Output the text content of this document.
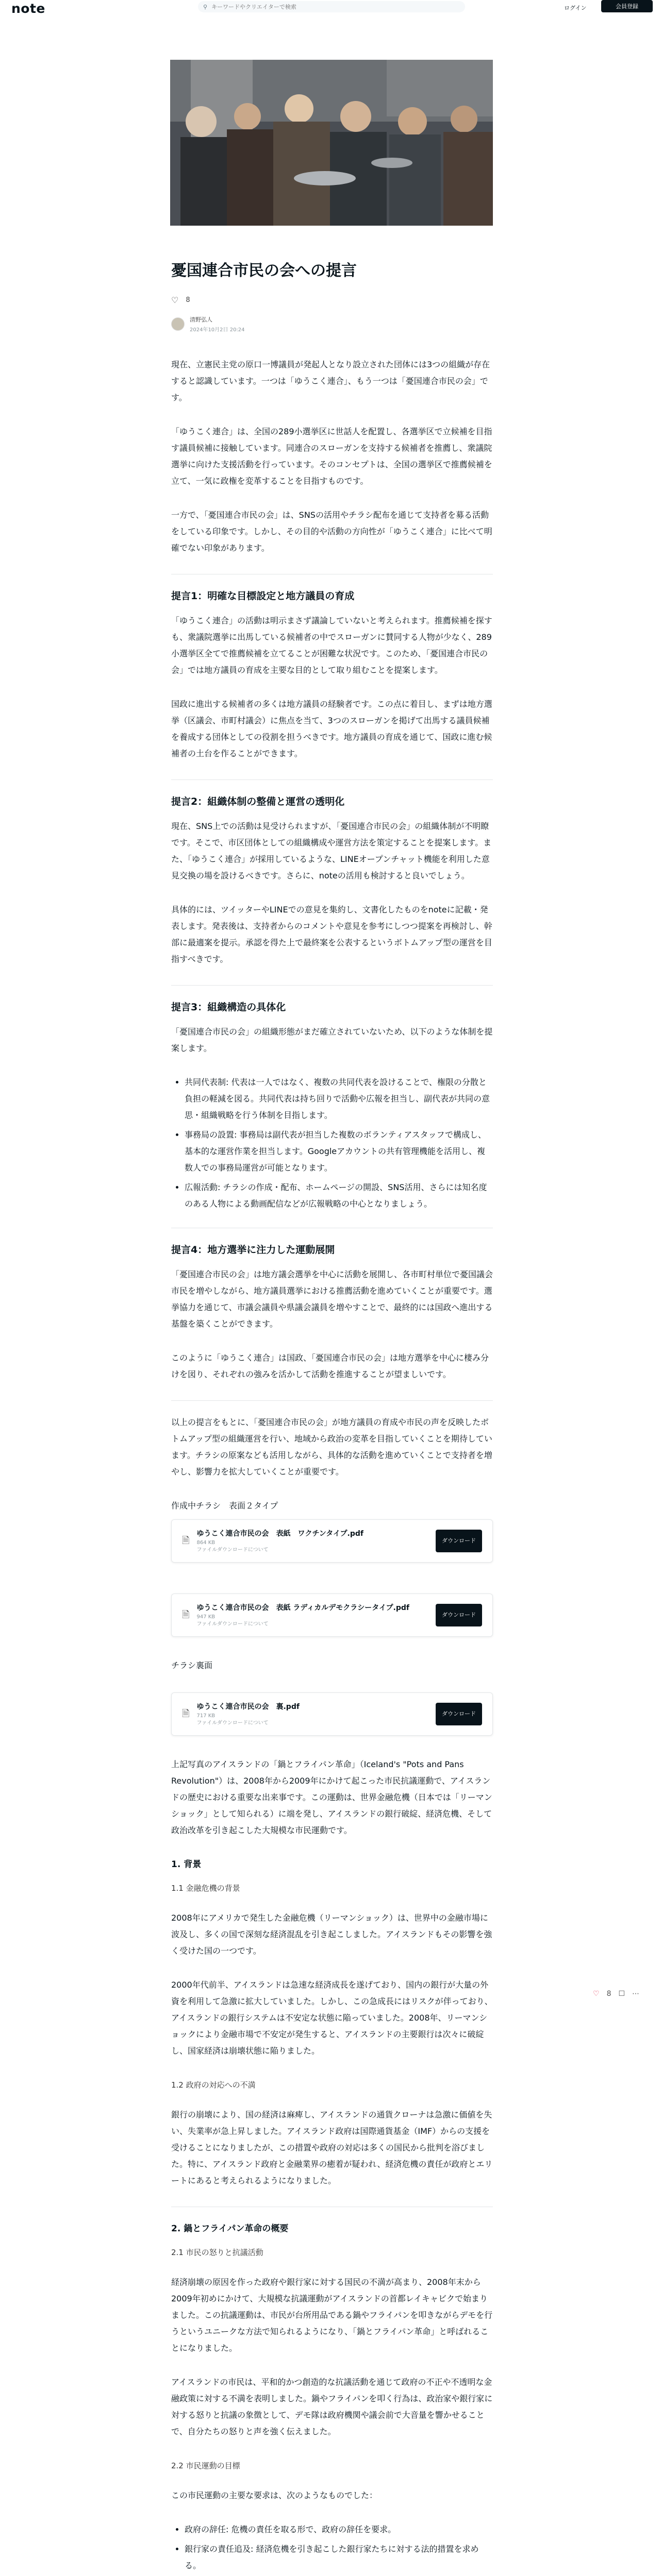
note	⚲
キーワードやクリエイターで検索	ログイン	会員登録
憂国連合市民の会への提言
♡ 8
清野弘人
2024年10月2日 20:24

現在、立憲民主党の原口一博議員が発起人となり設立された団体には3つの組織が存在すると認識しています。一つは「ゆうこく連合」、もう一つは「憂国連合市民の会」です。

「ゆうこく連合」は、全国の289小選挙区に世話人を配置し、各選挙区で立候補を目指す議員候補に接触しています。同連合のスローガンを支持する候補者を推薦し、衆議院選挙に向けた支援活動を行っています。そのコンセプトは、全国の選挙区で推薦候補を立て、一気に政権を変革することを目指すものです。

一方で、「憂国連合市民の会」は、SNSの活用やチラシ配布を通じて支持者を募る活動をしている印象です。しかし、その目的や活動の方向性が「ゆうこく連合」に比べて明確でない印象があります。

提言1：明確な目標設定と地方議員の育成

「ゆうこく連合」の活動は明示まさず議論していないと考えられます。推薦候補を探すも、衆議院選挙に出馬している候補者の中でスローガンに賛同する人物が少なく、289小選挙区全てで推薦候補を立てることが困難な状況です。このため、「憂国連合市民の会」では地方議員の育成を主要な目的として取り組むことを提案します。

国政に進出する候補者の多くは地方議員の経験者です。この点に着目し、まずは地方選挙（区議会、市町村議会）に焦点を当て、3つのスローガンを掲げて出馬する議員候補を養成する団体としての役割を担うべきです。地方議員の育成を通じて、国政に進む候補者の土台を作ることができます。

提言2：組織体制の整備と運営の透明化

現在、SNS上での活動は見受けられますが、「憂国連合市民の会」の組織体制が不明瞭です。そこで、市区団体としての組織構成や運営方法を策定することを提案します。また、「ゆうこく連合」が採用しているような、LINEオープンチャット機能を利用した意見交換の場を設けるべきです。さらに、noteの活用も検討すると良いでしょう。

具体的には、ツイッターやLINEでの意見を集約し、文書化したものをnoteに記載・発表します。発表後は、支持者からのコメントや意見を参考にしつつ提案を再検討し、幹部に最適案を提示。承認を得た上で最終案を公表するというボトムアップ型の運営を目指すべきです。

提言3：組織構造の具体化

「憂国連合市民の会」の組織形態がまだ確立されていないため、以下のような体制を提案します。

• 共同代表制: 代表は一人ではなく、複数の共同代表を設けることで、権限の分散と負担の軽減を図る。共同代表は持ち回りで活動や広報を担当し、副代表が共同の意思・組織戦略を行う体制を目指します。
• 事務局の設置: 事務局は副代表が担当した複数のボランティアスタッフで構成し、基本的な運営作業を担当します。Googleアカウントの共有管理機能を活用し、複数人での事務局運営が可能となります。
• 広報活動: チラシの作成・配布、ホームページの開設、SNS活用、さらには知名度のある人物による動画配信などが広報戦略の中心となりましょう。
提言4：地方選挙に注力した運動展開

「憂国連合市民の会」は地方議会選挙を中心に活動を展開し、各市町村単位で憂国議会市民を増やしながら、地方議員選挙における推薦活動を進めていくことが重要です。選挙協力を通じて、市議会議員や県議会議員を増やすことで、最終的には国政へ進出する基盤を築くことができます。

このように「ゆうこく連合」は国政、「憂国連合市民の会」は地方選挙を中心に棲み分けを図り、それぞれの強みを活かして活動を推進することが望ましいです。

以上の提言をもとに、「憂国連合市民の会」が地方議員の育成や市民の声を反映したボトムアップ型の組織運営を行い、地域から政治の変革を目指していくことを期待しています。チラシの原案なども活用しながら、具体的な活動を進めていくことで支持者を増やし、影響力を拡大していくことが重要です。

作成中チラシ　表面２タイプ

🗎
ゆうこく連合市民の会　表紙　ワクチンタイプ.pdf
864 KB
ファイルダウンロードについて
ダウンロード
🗎
ゆうこく連合市民の会　表紙 ラディカルデモクラシータイプ.pdf
947 KB
ファイルダウンロードについて
ダウンロード

チラシ裏面

🗎
ゆうこく連合市民の会　裏.pdf
717 KB
ファイルダウンロードについて
ダウンロード

上記写真のアイスランドの「鍋とフライパン革命」（Iceland's "Pots and Pans Revolution"）は、2008年から2009年にかけて起こった市民抗議運動で、アイスランドの歴史における重要な出来事です。この運動は、世界金融危機（日本では「リーマンショック」として知られる）に端を発し、アイスランドの銀行破綻、経済危機、そして政治改革を引き起こした大規模な市民運動です。

1. 背景
1.1 金融危機の背景

2008年にアメリカで発生した金融危機（リーマンショック）は、世界中の金融市場に波及し、多くの国で深刻な経済混乱を引き起こしました。アイスランドもその影響を強く受けた国の一つです。

2000年代前半、アイスランドは急速な経済成長を遂げており、国内の銀行が大量の外資を利用して急激に拡大していました。しかし、この急成長にはリスクが伴っており、アイスランドの銀行システムは不安定な状態に陥っていました。2008年、リーマンショックにより金融市場で不安定が発生すると、アイスランドの主要銀行は次々に破綻し、国家経済は崩壊状態に陥りました。

1.2 政府の対応への不満

銀行の崩壊により、国の経済は麻痺し、アイスランドの通貨クローナは急激に価値を失い、失業率が急上昇しました。アイスランド政府は国際通貨基金（IMF）からの支援を受けることになりましたが、この措置や政府の対応は多くの国民から批判を浴びました。特に、アイスランド政府と金融業界の癒着が疑われ、経済危機の責任が政府とエリートにあると考えられるようになりました。

2. 鍋とフライパン革命の概要
2.1 市民の怒りと抗議活動

経済崩壊の原因を作った政府や銀行家に対する国民の不満が高まり、2008年末から2009年初めにかけて、大規模な抗議運動がアイスランドの首都レイキャビクで始まりました。この抗議運動は、市民が台所用品である鍋やフライパンを叩きながらデモを行うというユニークな方法で知られるようになり、「鍋とフライパン革命」と呼ばれることになりました。

アイスランドの市民は、平和的かつ創造的な抗議活動を通じて政府の不正や不透明な金融政策に対する不満を表明しました。鍋やフライパンを叩く行為は、政治家や銀行家に対する怒りと抗議の象徴として、デモ隊は政府機関や議会前で大音量を響かせることで、自分たちの怒りと声を強く伝えました。

2.2 市民運動の目標

この市民運動の主要な要求は、次のようなものでした：

• 政府の辞任: 危機の責任を取る形で、政府の辞任を要求。
• 銀行家の責任追及: 経済危機を引き起こした銀行家たちに対する法的措置を求める。
♡ 8 ☐ ⋯
